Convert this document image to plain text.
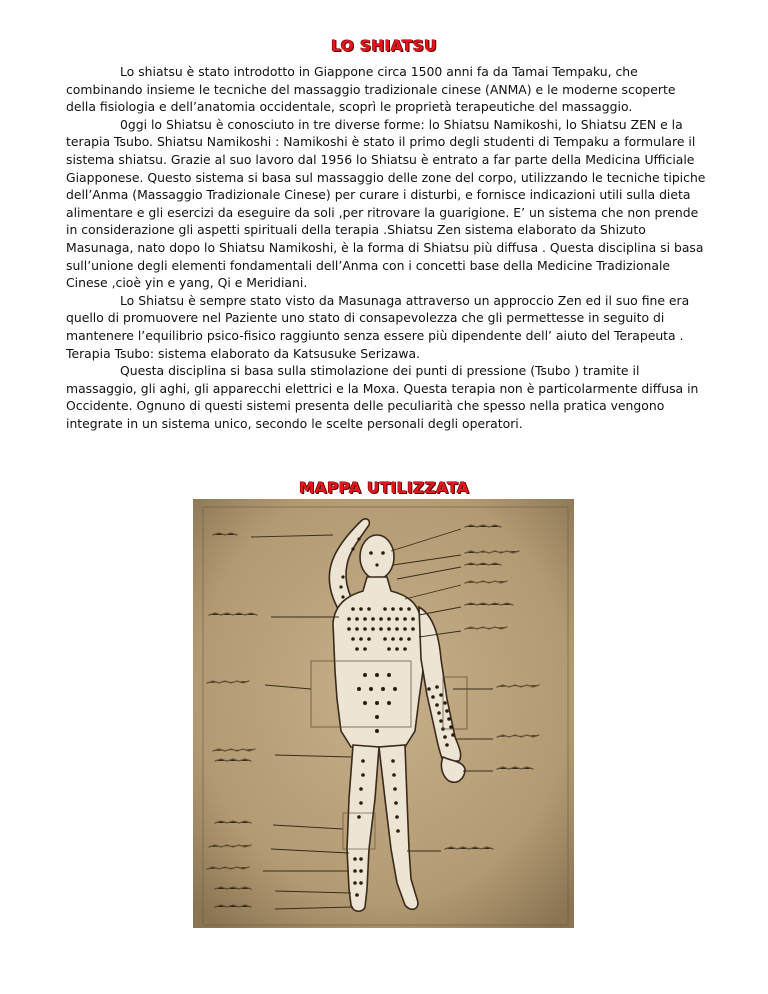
LO SHIATSU

Lo shiatsu è stato introdotto in Giappone circa 1500 anni fa da Tamai Tempaku, che combinando insieme le tecniche del massaggio tradizionale cinese (ANMA) e le moderne scoperte della fisiologia e dell’anatomia occidentale, scoprì le proprietà terapeutiche del massaggio.

0ggi lo Shiatsu è conosciuto in tre diverse forme: lo Shiatsu Namikoshi, lo Shiatsu ZEN e la terapia Tsubo. Shiatsu Namikoshi : Namikoshi è stato il primo degli studenti di Tempaku a formulare il sistema shiatsu. Grazie al suo lavoro dal 1956 lo Shiatsu è entrato a far parte della Medicina Ufficiale Giapponese. Questo sistema si basa sul massaggio delle zone del corpo, utilizzando le tecniche tipiche dell’Anma (Massaggio Tradizionale Cinese) per curare i disturbi, e fornisce indicazioni utili sulla dieta alimentare e gli esercizi da eseguire da soli ,per ritrovare la guarigione. E’ un sistema che non prende in considerazione gli aspetti spirituali della terapia .Shiatsu Zen sistema elaborato da Shizuto Masunaga, nato dopo lo Shiatsu Namikoshi, è la forma di Shiatsu più diffusa . Questa disciplina si basa sull’unione degli elementi fondamentali dell’Anma con i concetti base della Medicine Tradizionale Cinese ,cioè yin e yang, Qi e Meridiani.

Lo Shiatsu è sempre stato visto da Masunaga attraverso un approccio Zen ed il suo fine era quello di promuovere nel Paziente uno stato di consapevolezza che gli permettesse in seguito di mantenere l’equilibrio psico-fisico raggiunto senza essere più dipendente dell’ aiuto del Terapeuta . Terapia Tsubo: sistema elaborato da Katsusuke Serizawa.

Questa disciplina si basa sulla stimolazione dei punti di pressione (Tsubo ) tramite il massaggio, gli aghi, gli apparecchi elettrici e la Moxa. Questa terapia non è particolarmente diffusa in Occidente. Ognuno di questi sistemi presenta delle peculiarità che spesso nella pratica vengono integrate in un sistema unico, secondo le scelte personali degli operatori.

MAPPA UTILIZZATA
